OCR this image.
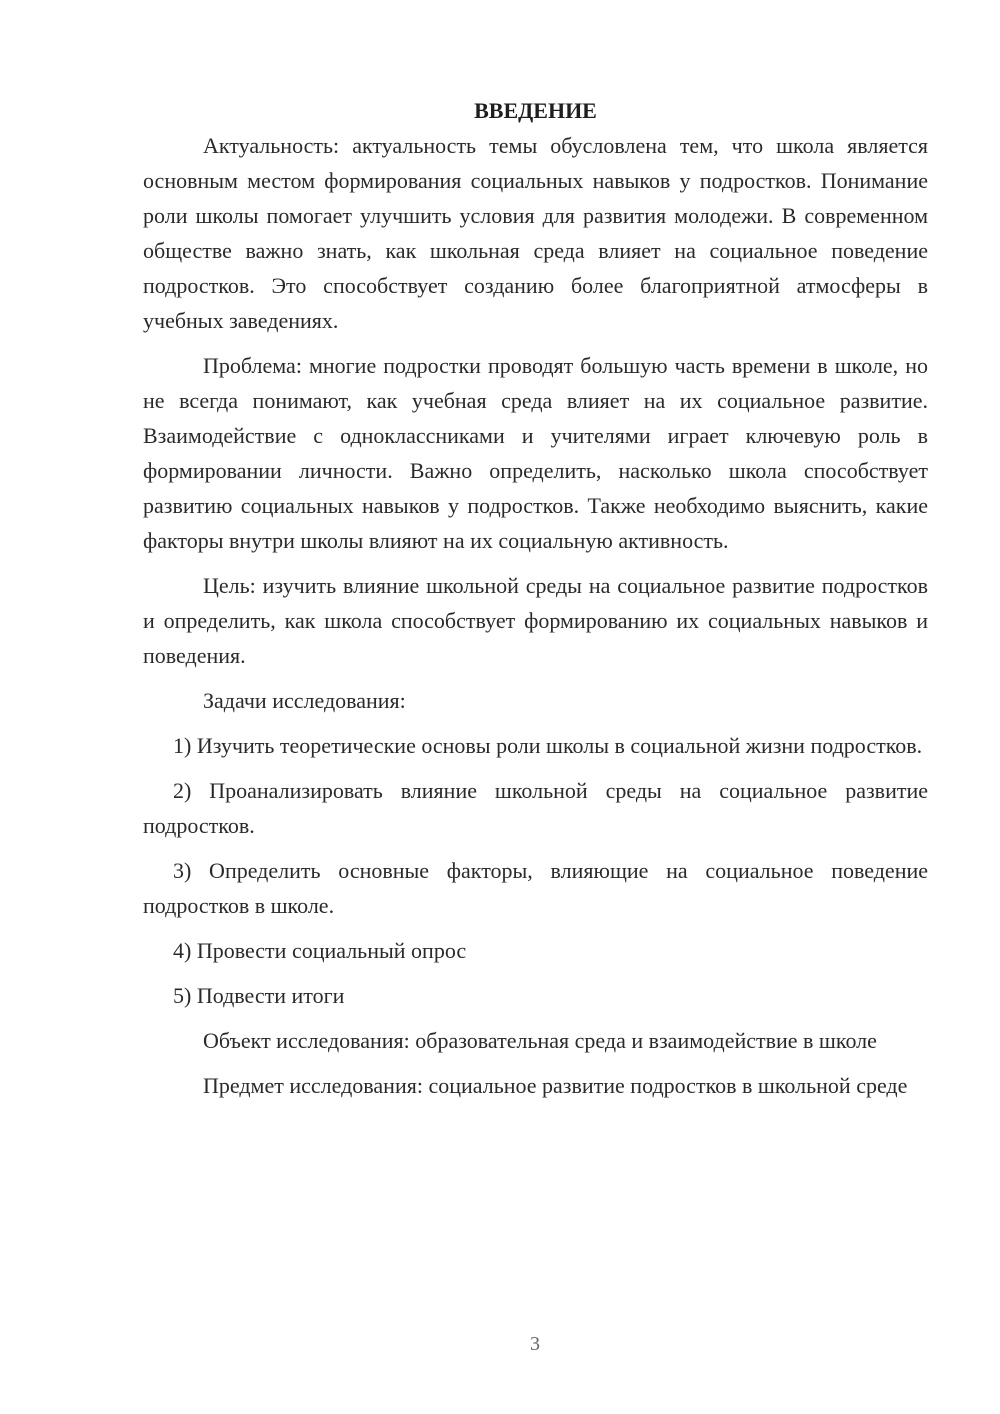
ВВЕДЕНИЕ

Актуальность: актуальность темы обусловлена тем, что школа является основным местом формирования социальных навыков у подростков. Понимание роли школы помогает улучшить условия для развития молодежи. В современном обществе важно знать, как школьная среда влияет на социальное поведение подростков. Это способствует созданию более благоприятной атмосферы в учебных заведениях.

Проблема: многие подростки проводят большую часть времени в школе, но не всегда понимают, как учебная среда влияет на их социальное развитие. Взаимодействие с одноклассниками и учителями играет ключевую роль в формировании личности. Важно определить, насколько школа способствует развитию социальных навыков у подростков. Также необходимо выяснить, какие факторы внутри школы влияют на их социальную активность.

Цель: изучить влияние школьной среды на социальное развитие подростков и определить, как школа способствует формированию их социальных навыков и поведения.

Задачи исследования:

1) Изучить теоретические основы роли школы в социальной жизни подростков.

2) Проанализировать влияние школьной среды на социальное развитие подростков.

3) Определить основные факторы, влияющие на социальное поведение подростков в школе.

4) Провести социальный опрос

5) Подвести итоги

Объект исследования: образовательная среда и взаимодействие в школе

Предмет исследования: социальное развитие подростков в школьной среде

3
